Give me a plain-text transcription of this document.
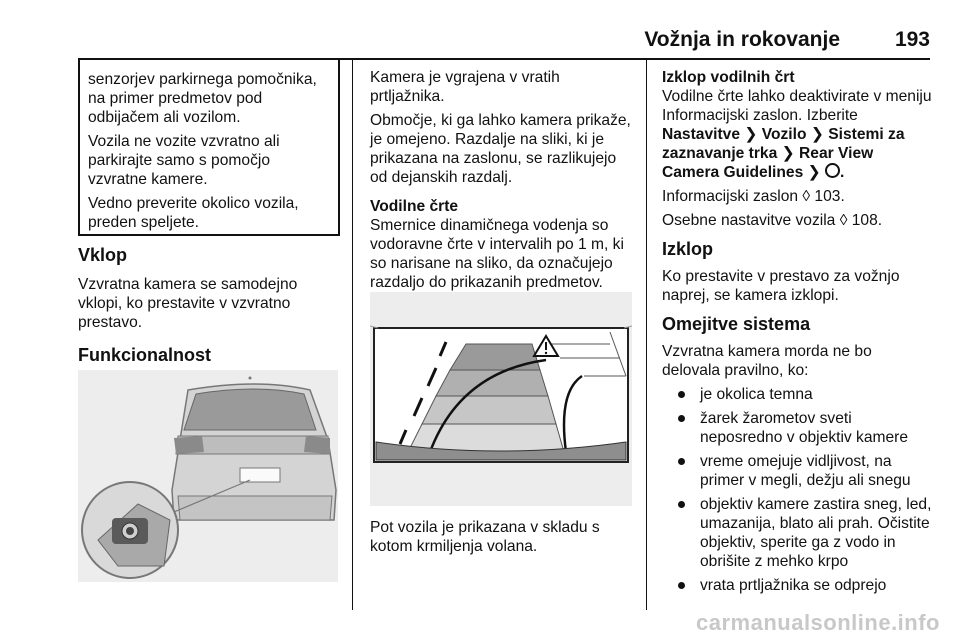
Vožnja in rokovanje	193

senzorjev parkirnega pomočnika, na primer predmetov pod odbijačem ali vozilom.

Vozila ne vozite vzvratno ali parkirajte samo s pomočjo vzvratne kamere.

Vedno preverite okolico vozila, preden speljete.

Vklop

Vzvratna kamera se samodejno vklopi, ko prestavite v vzvratno prestavo.

Funkcionalnost

Kamera je vgrajena v vratih prtljažnika.

Območje, ki ga lahko kamera prikaže, je omejeno. Razdalje na sliki, ki je prikazana na zaslonu, se razlikujejo od dejanskih razdalj.

Vodilne črte

Smernice dinamičnega vodenja so vodoravne črte v intervalih po 1 m, ki so narisane na sliko, da označujejo razdaljo do prikazanih predmetov.

Pot vozila je prikazana v skladu s kotom krmiljenja volana.

Izklop vodilnih črt

Vodilne črte lahko deaktivirate v meniju Informacijski zaslon. Izberite

Nastavitve ❯ Vozilo ❯ Sistemi za zaznavanje trka ❯ Rear View Camera Guidelines ❯ .

Informacijski zaslon ◊ 103.

Osebne nastavitve vozila ◊ 108.

Izklop

Ko prestavite v prestavo za vožnjo naprej, se kamera izklopi.

Omejitve sistema

Vzvratna kamera morda ne bo delovala pravilno, ko:

je okolica temna
žarek žarometov sveti neposredno v objektiv kamere
vreme omejuje vidljivost, na primer v megli, dežju ali snegu
objektiv kamere zastira sneg, led, umazanija, blato ali prah. Očistite objektiv, sperite ga z vodo in obrišite z mehko krpo
vrata prtljažnika se odprejo
carmanualsonline.info
